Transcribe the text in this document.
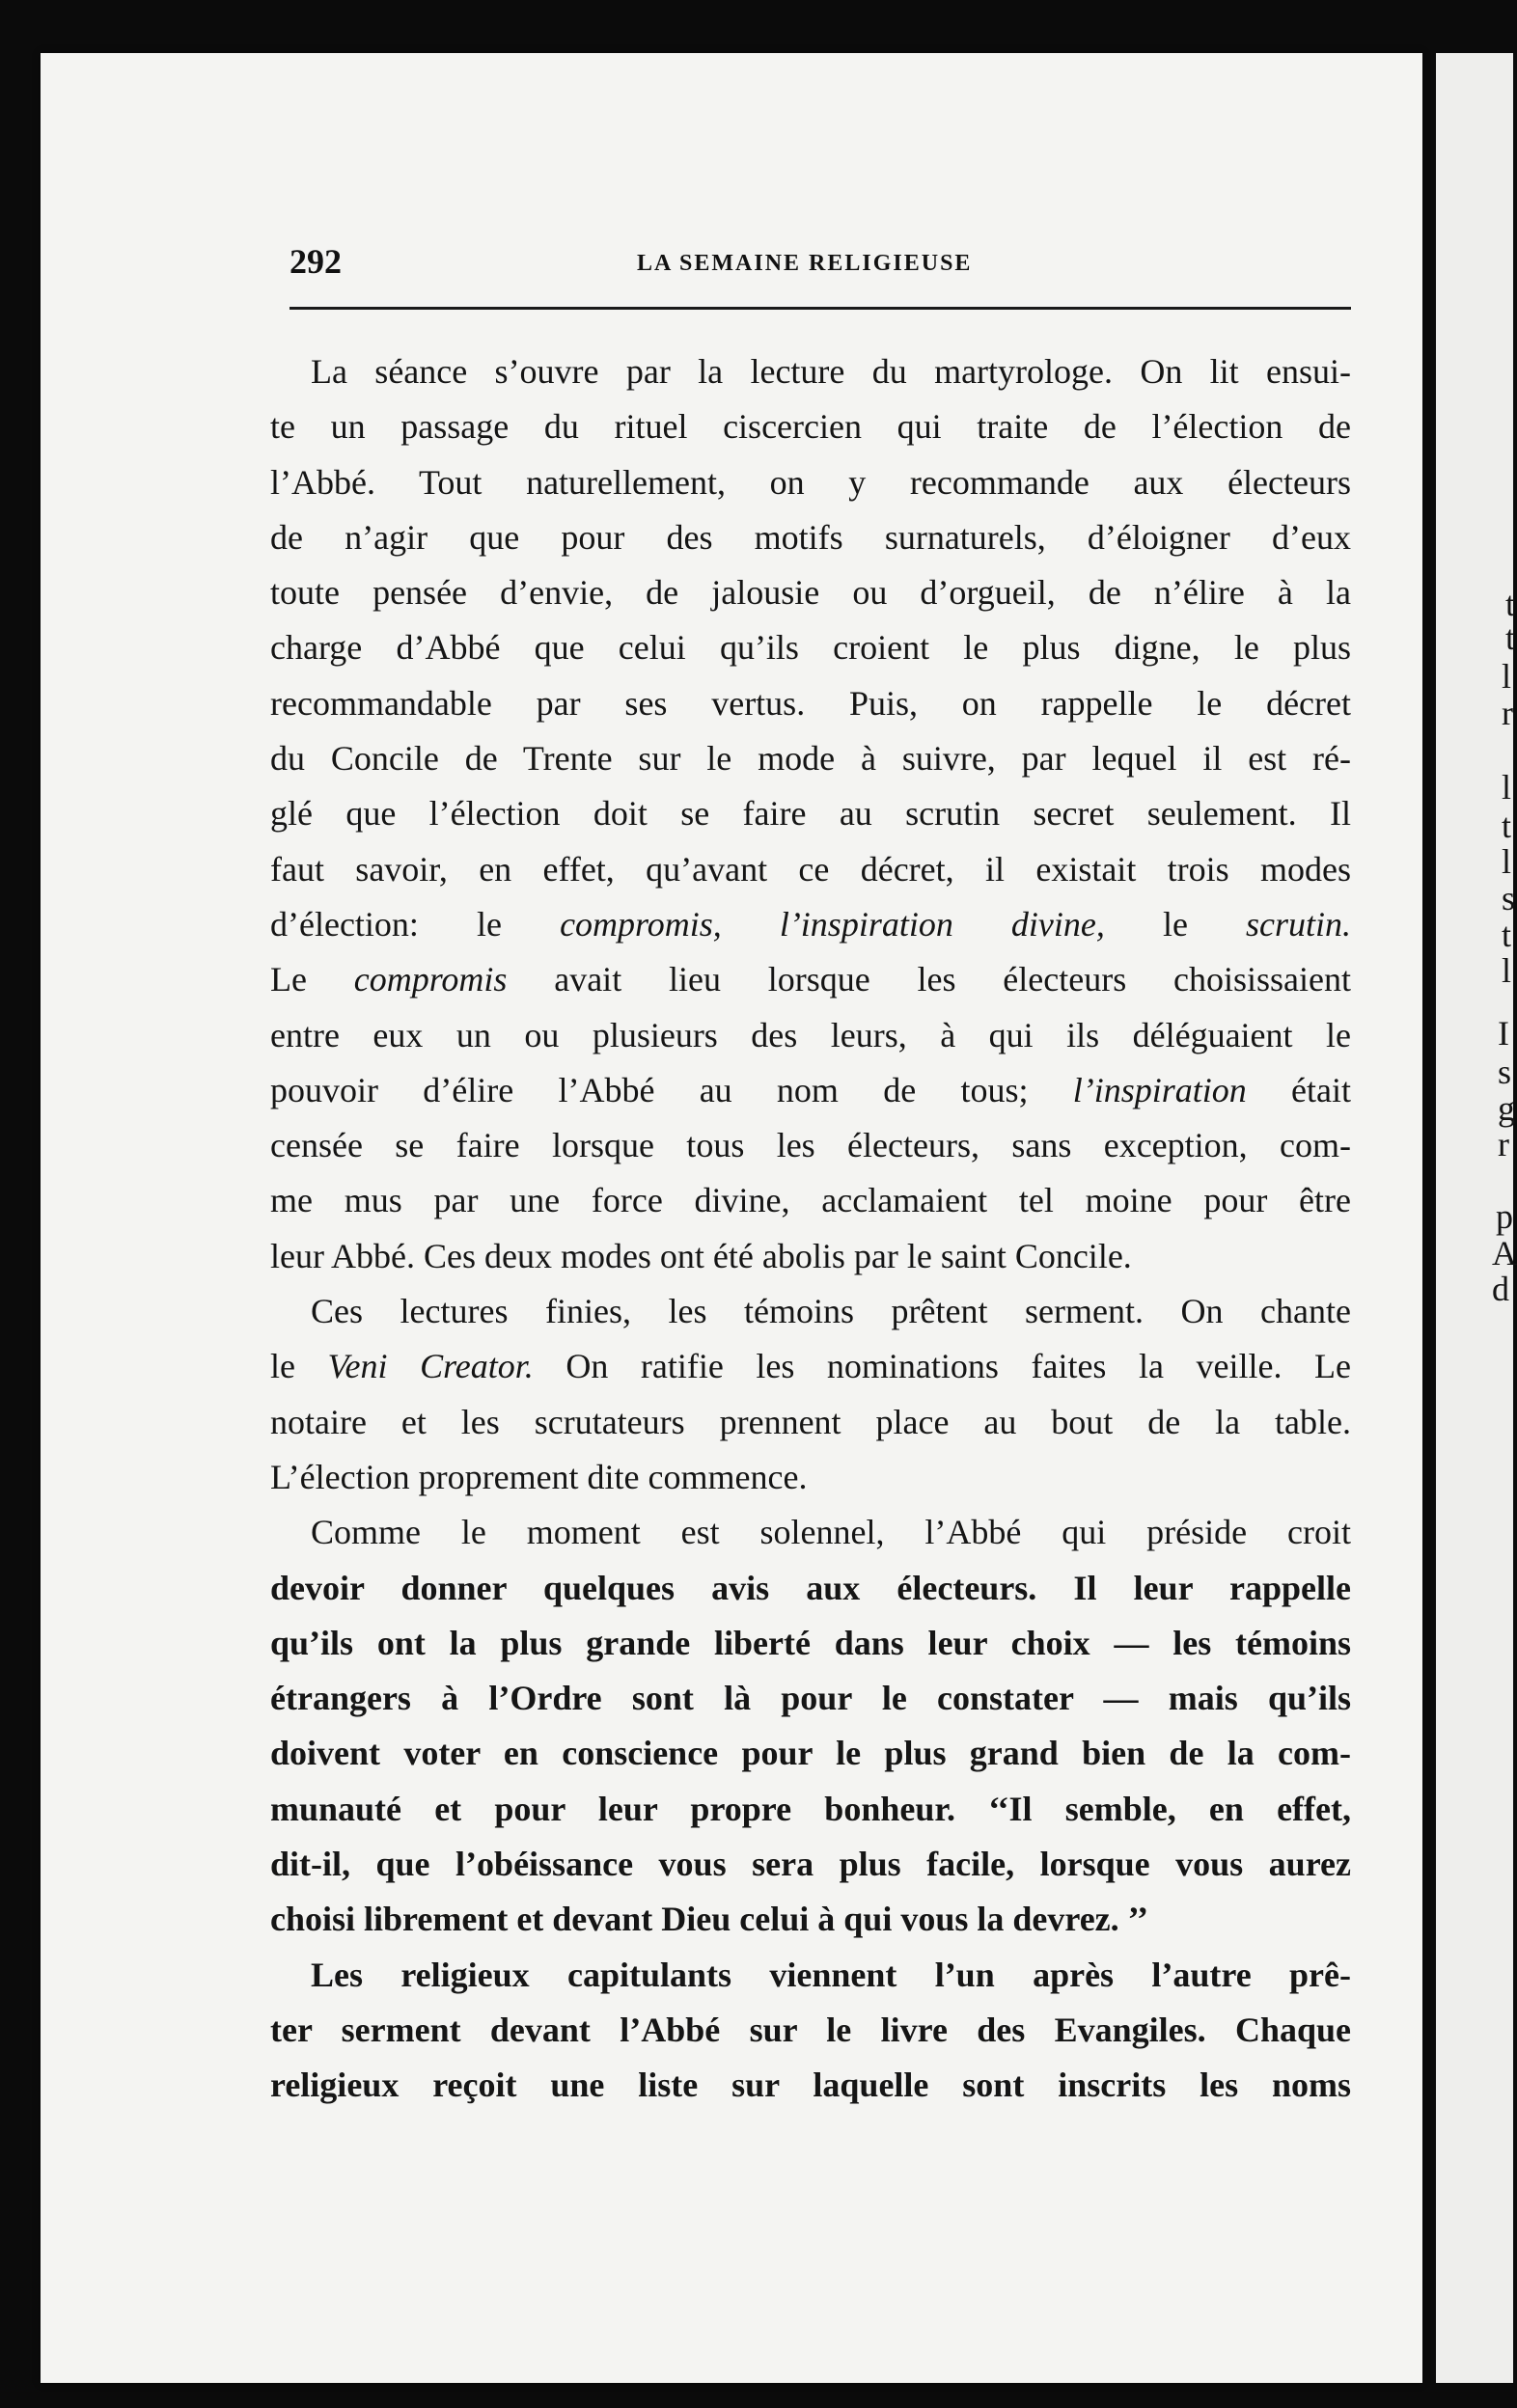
t
t
l
r
l
t
l
s
t
l
I
s
g
r
p
A
d
292	LA SEMAINE RELIGIEUSE
La séance s’ouvre par la lecture du martyrologe. On lit ensui-
te un passage du rituel ciscercien qui traite de l’élection de
l’Abbé. Tout naturellement, on y recommande aux électeurs
de n’agir que pour des motifs surnaturels, d’éloigner d’eux
toute pensée d’envie, de jalousie ou d’orgueil, de n’élire à la
charge d’Abbé que celui qu’ils croient le plus digne, le plus
recommandable par ses vertus. Puis, on rappelle le décret
du Concile de Trente sur le mode à suivre, par lequel il est ré-
glé que l’élection doit se faire au scrutin secret seulement. Il
faut savoir, en effet, qu’avant ce décret, il existait trois modes
d’élection: le compromis, l’inspiration divine, le scrutin.
Le compromis avait lieu lorsque les électeurs choisissaient
entre eux un ou plusieurs des leurs, à qui ils déléguaient le
pouvoir d’élire l’Abbé au nom de tous; l’inspiration était
censée se faire lorsque tous les électeurs, sans exception, com-
me mus par une force divine, acclamaient tel moine pour être
leur Abbé. Ces deux modes ont été abolis par le saint Concile.
Ces lectures finies, les témoins prêtent serment. On chante
le Veni Creator. On ratifie les nominations faites la veille. Le
notaire et les scrutateurs prennent place au bout de la table.
L’élection proprement dite commence.
Comme le moment est solennel, l’Abbé qui préside croit
devoir donner quelques avis aux électeurs. Il leur rappelle
qu’ils ont la plus grande liberté dans leur choix — les témoins
étrangers à l’Ordre sont là pour le constater — mais qu’ils
doivent voter en conscience pour le plus grand bien de la com-
munauté et pour leur propre bonheur. ‘‘Il semble, en effet,
dit-il, que l’obéissance vous sera plus facile, lorsque vous aurez
choisi librement et devant Dieu celui à qui vous la devrez. ’’
Les religieux capitulants viennent l’un après l’autre prê-
ter serment devant l’Abbé sur le livre des Evangiles. Chaque
religieux reçoit une liste sur laquelle sont inscrits les noms
